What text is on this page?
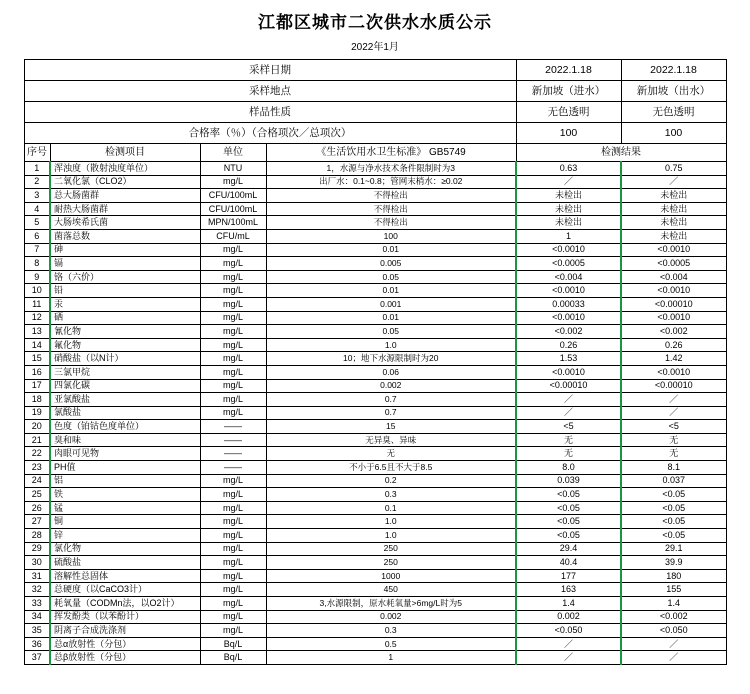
江都区城市二次供水水质公示
2022年1月
采样日期				2022.1.18	2022.1.18
采样地点				新加坡（进水）	新加坡（出水）
样品性质				无色透明	无色透明
合格率（％）（合格项次／总项次）				100	100
序号	检测项目	单位	《生活饮用水卫生标准》 GB5749	检测结果	
1	浑浊度（散射浊度单位）	NTU	1，水源与净水技术条件限制时为3	0.63	0.75
2	二氧化氯（CLO2）	mg/L	出厂水：0.1~0.8；管网末梢水：≥0.02	／	／
3	总大肠菌群	CFU/100mL	不得检出	未检出	未检出
4	耐热大肠菌群	CFU/100mL	不得检出	未检出	未检出
5	大肠埃希氏菌	MPN/100mL	不得检出	未检出	未检出
6	菌落总数	CFU/mL	100	1	未检出
7	砷	mg/L	0.01	<0.0010	<0.0010
8	镉	mg/L	0.005	<0.0005	<0.0005
9	铬（六价）	mg/L	0.05	<0.004	<0.004
10	铅	mg/L	0.01	<0.0010	<0.0010
11	汞	mg/L	0.001	0.00033	<0.00010
12	硒	mg/L	0.01	<0.0010	<0.0010
13	氰化物	mg/L	0.05	<0.002	<0.002
14	氟化物	mg/L	1.0	0.26	0.26
15	硝酸盐（以N计）	mg/L	10；地下水源限制时为20	1.53	1.42
16	三氯甲烷	mg/L	0.06	<0.0010	<0.0010
17	四氯化碳	mg/L	0.002	<0.00010	<0.00010
18	亚氯酸盐	mg/L	0.7	／	／
19	氯酸盐	mg/L	0.7	／	／
20	色度（铂钴色度单位）	——	15	<5	<5
21	臭和味	——	无异臭、异味	无	无
22	肉眼可见物	——	无	无	无
23	PH值	——	不小于6.5且不大于8.5	8.0	8.1
24	铝	mg/L	0.2	0.039	0.037
25	铁	mg/L	0.3	<0.05	<0.05
26	锰	mg/L	0.1	<0.05	<0.05
27	铜	mg/L	1.0	<0.05	<0.05
28	锌	mg/L	1.0	<0.05	<0.05
29	氯化物	mg/L	250	29.4	29.1
30	硫酸盐	mg/L	250	40.4	39.9
31	溶解性总固体	mg/L	1000	177	180
32	总硬度（以CaCO3计）	mg/L	450	163	155
33	耗氧量（CODMn法，以O2计）	mg/L	3,水源限制，原水耗氧量>6mg/L时为5	1.4	1.4
34	挥发酚类（以苯酚计）	mg/L	0.002	0.002	<0.002
35	阴离子合成洗涤剂	mg/L	0.3	<0.050	<0.050
36	总α放射性（分包）	Bq/L	0.5	／	／
37	总β放射性（分包）	Bq/L	1	／	／
